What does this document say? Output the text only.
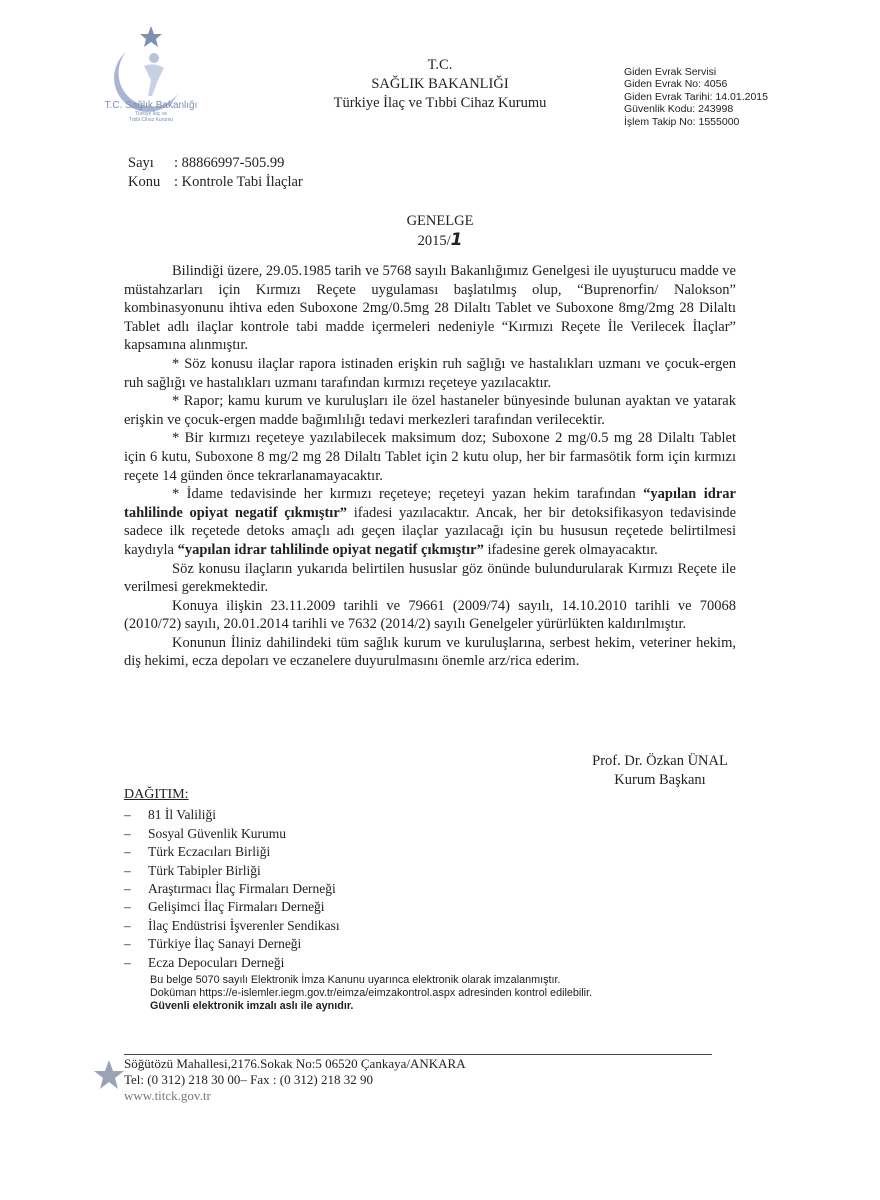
T.C. Sağlık Bakanlığı
Türkiye İlaç ve
Tıbbi Cihaz Kurumu
T.C.
SAĞLIK BAKANLIĞI
Türkiye İlaç ve Tıbbi Cihaz Kurumu
Giden Evrak Servisi
Giden Evrak No: 4056
Giden Evrak Tarihi: 14.01.2015
Güvenlik Kodu: 243998
İşlem Takip No: 1555000
Sayı	: 88866997-505.99
Konu : Kontrole Tabi İlaçlar
GENELGE
2015/1

Bilindiği üzere, 29.05.1985 tarih ve 5768 sayılı Bakanlığımız Genelgesi ile uyuşturucu madde ve müstahzarları için Kırmızı Reçete uygulaması başlatılmış olup, “Buprenorfin/ Nalokson” kombinasyonunu ihtiva eden Suboxone 2mg/0.5mg 28 Dilaltı Tablet ve Suboxone 8mg/2mg 28 Dilaltı Tablet adlı ilaçlar kontrole tabi madde içermeleri nedeniyle “Kırmızı Reçete İle Verilecek İlaçlar” kapsamına alınmıştır.

* Söz konusu ilaçlar rapora istinaden erişkin ruh sağlığı ve hastalıkları uzmanı ve çocuk-ergen ruh sağlığı ve hastalıkları uzmanı tarafından kırmızı reçeteye yazılacaktır.

* Rapor; kamu kurum ve kuruluşları ile özel hastaneler bünyesinde bulunan ayaktan ve yatarak erişkin ve çocuk-ergen madde bağımlılığı tedavi merkezleri tarafından verilecektir.

* Bir kırmızı reçeteye yazılabilecek maksimum doz; Suboxone 2 mg/0.5 mg 28 Dilaltı Tablet için 6 kutu, Suboxone 8 mg/2 mg 28 Dilaltı Tablet için 2 kutu olup, her bir farmasötik form için kırmızı reçete 14 günden önce tekrarlanamayacaktır.

* İdame tedavisinde her kırmızı reçeteye; reçeteyi yazan hekim tarafından “yapılan idrar tahlilinde opiyat negatif çıkmıştır” ifadesi yazılacaktır. Ancak, her bir detoksifikasyon tedavisinde sadece ilk reçetede detoks amaçlı adı geçen ilaçlar yazılacağı için bu hususun reçetede belirtilmesi kaydıyla “yapılan idrar tahlilinde opiyat negatif çıkmıştır” ifadesine gerek olmayacaktır.

Söz konusu ilaçların yukarıda belirtilen hususlar göz önünde bulundurularak Kırmızı Reçete ile verilmesi gerekmektedir.

Konuya ilişkin 23.11.2009 tarihli ve 79661 (2009/74) sayılı, 14.10.2010 tarihli ve 70068 (2010/72) sayılı, 20.01.2014 tarihli ve 7632 (2014/2) sayılı Genelgeler yürürlükten kaldırılmıştır.

Konunun İliniz dahilindeki tüm sağlık kurum ve kuruluşlarına, serbest hekim, veteriner hekim, diş hekimi, ecza depoları ve eczanelere duyurulmasını önemle arz/rica ederim.

Prof. Dr. Özkan ÜNAL
Kurum Başkanı
DAĞITIM:
–	81 İl Valiliği
–	Sosyal Güvenlik Kurumu
–	Türk Eczacıları Birliği
–	Türk Tabipler Birliği
–	Araştırmacı İlaç Firmaları Derneği
–	Gelişimci İlaç Firmaları Derneği
–	İlaç Endüstrisi İşverenler Sendikası
–	Türkiye İlaç Sanayi Derneği
–	Ecza Depocuları Derneği
Bu belge 5070 sayılı Elektronik İmza Kanunu uyarınca elektronik olarak imzalanmıştır.
Doküman https://e-islemler.iegm.gov.tr/eimza/eimzakontrol.aspx adresinden kontrol edilebilir.
Güvenli elektronik imzalı aslı ile aynıdır.
Söğütözü Mahallesi,2176.Sokak No:5 06520 Çankaya/ANKARA
Tel: (0 312) 218 30 00– Fax : (0 312) 218 32 90
www.titck.gov.tr
